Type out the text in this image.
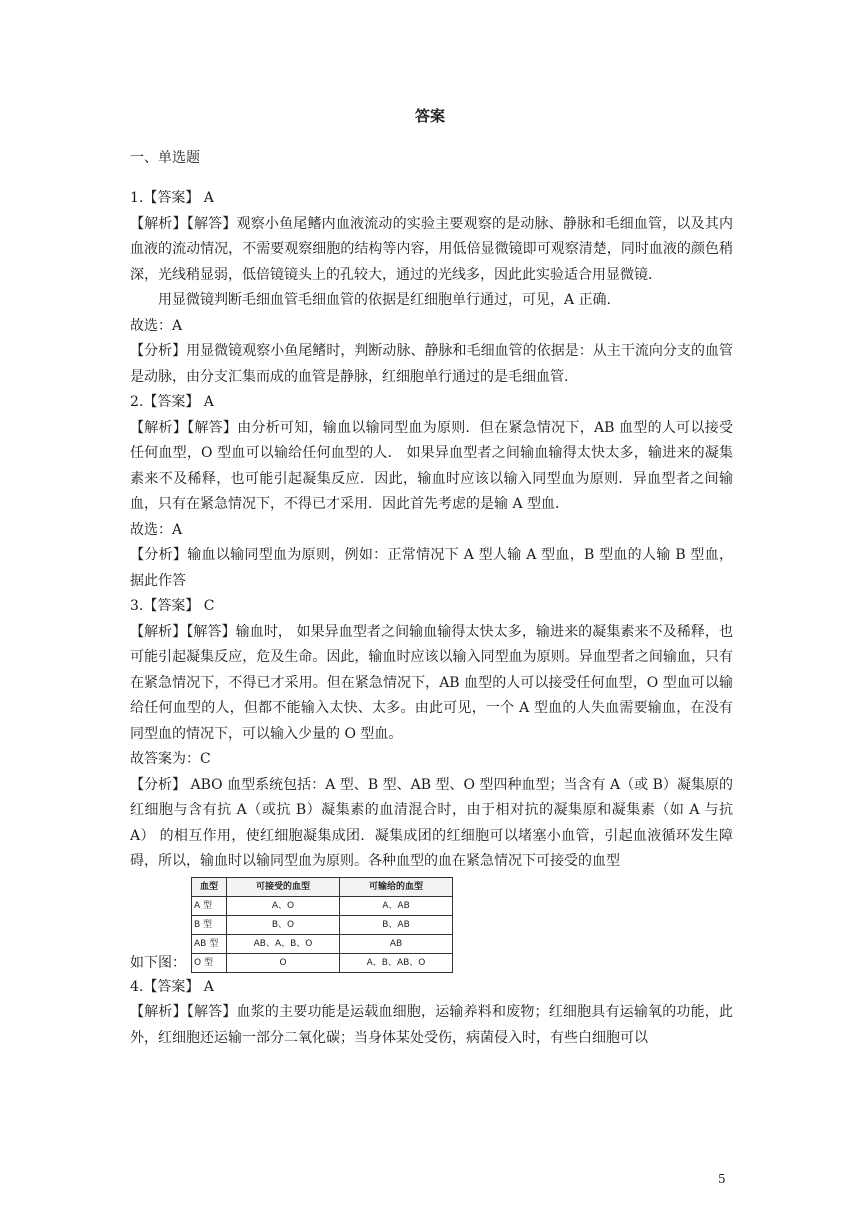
答案
一、单选题

1.【答案】 A

【解析】【解答】观察小鱼尾鳍内血液流动的实验主要观察的是动脉、静脉和毛细血管，以及其内血液的流动情况，不需要观察细胞的结构等内容，用低倍显微镜即可观察清楚，同时血液的颜色稍深，光线稍显弱，低倍镜镜头上的孔较大，通过的光线多，因此此实验适合用显微镜.

用显微镜判断毛细血管毛细血管的依据是红细胞单行通过，可见，A 正确.

故选：A

【分析】用显微镜观察小鱼尾鳍时，判断动脉、静脉和毛细血管的依据是：从主干流向分支的血管是动脉，由分支汇集而成的血管是静脉，红细胞单行通过的是毛细血管.

2.【答案】 A

【解析】【解答】由分析可知，输血以输同型血为原则．但在紧急情况下，AB 血型的人可以接受任何血型，O 型血可以输给任何血型的人． 如果异血型者之间输血输得太快太多，输进来的凝集素来不及稀释，也可能引起凝集反应．因此，输血时应该以输入同型血为原则．异血型者之间输血，只有在紧急情况下，不得已才采用．因此首先考虑的是输 A 型血．

故选：A

【分析】输血以输同型血为原则，例如：正常情况下 A 型人输 A 型血，B 型血的人输 B 型血，据此作答

3.【答案】 C

【解析】【解答】输血时， 如果异血型者之间输血输得太快太多，输进来的凝集素来不及稀释，也可能引起凝集反应，危及生命。因此，输血时应该以输入同型血为原则。异血型者之间输血，只有在紧急情况下，不得已才采用。但在紧急情况下，AB 血型的人可以接受任何血型，O 型血可以输给任何血型的人，但都不能输入太快、太多。由此可见，一个 A 型血的人失血需要输血，在没有同型血的情况下，可以输入少量的 O 型血。

故答案为：C

【分析】 ABO 血型系统包括：A 型、B 型、AB 型、O 型四种血型；当含有 A（或 B）凝集原的红细胞与含有抗 A（或抗 B）凝集素的血清混合时，由于相对抗的凝集原和凝集素（如 A 与抗 A） 的相互作用，使红细胞凝集成团．凝集成团的红细胞可以堵塞小血管，引起血液循环发生障碍，所以，输血时以输同型血为原则。各种血型的血在紧急情况下可接受的血型

如下图：
血型	可接受的血型	可输给的血型
A 型	A、O	A、AB
B 型	B、O	B、AB
AB 型	AB、A、B、O	AB
O 型	O	A、B、AB、O

4.【答案】 A

【解析】【解答】血浆的主要功能是运载血细胞，运输养料和废物；红细胞具有运输氧的功能，此外，红细胞还运输一部分二氧化碳；当身体某处受伤，病菌侵入时，有些白细胞可以

5
